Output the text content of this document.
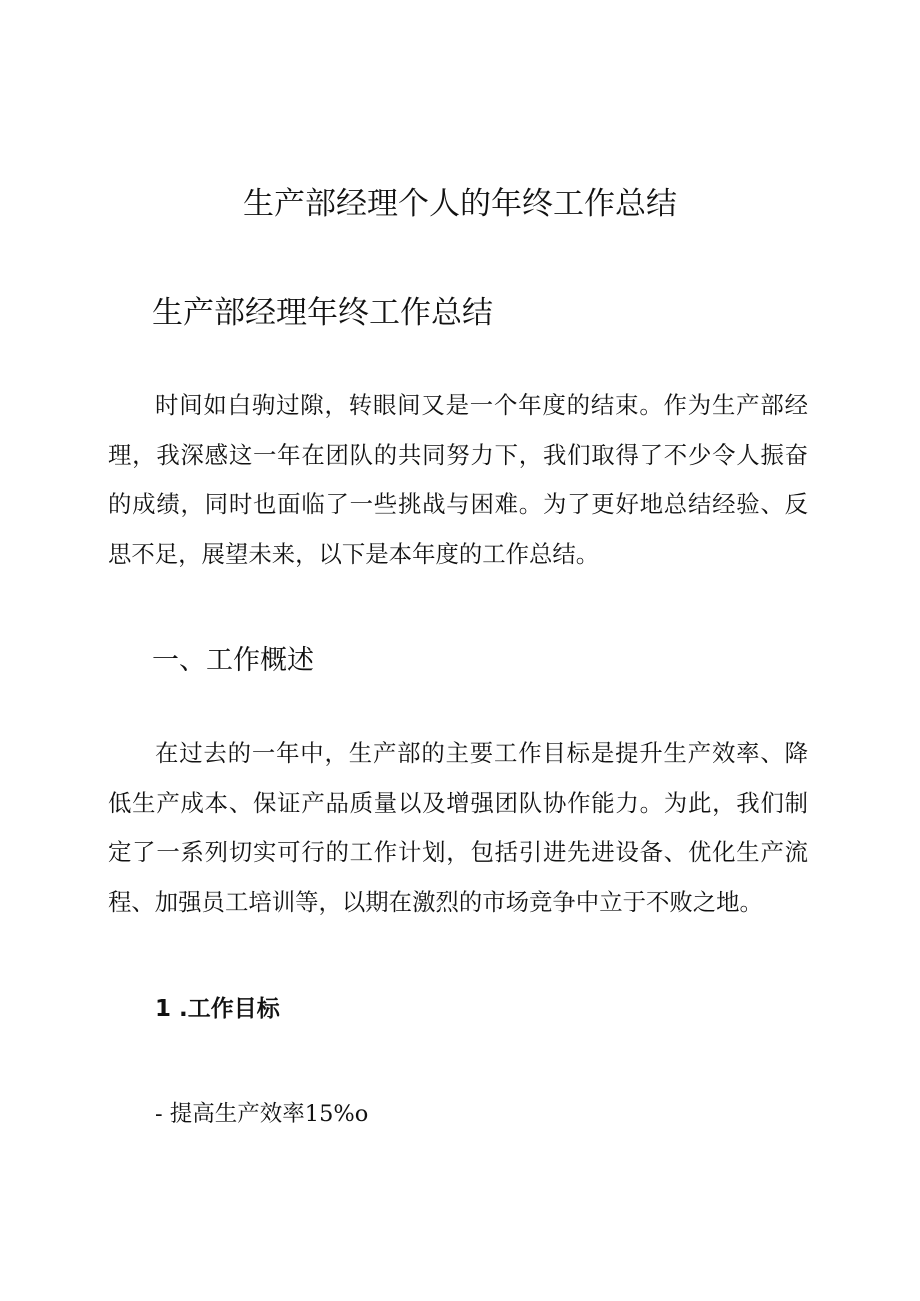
生产部经理个人的年终工作总结
生产部经理年终工作总结

时间如白驹过隙，转眼间又是一个年度的结束。作为生产部经理，我深感这一年在团队的共同努力下，我们取得了不少令人振奋的成绩，同时也面临了一些挑战与困难。为了更好地总结经验、反思不足，展望未来，以下是本年度的工作总结。

一、工作概述

在过去的一年中，生产部的主要工作目标是提升生产效率、降低生产成本、保证产品质量以及增强团队协作能力。为此，我们制定了一系列切实可行的工作计划，包括引进先进设备、优化生产流程、加强员工培训等，以期在激烈的市场竞争中立于不败之地。

1 .工作目标

- 提高生产效率15%o
